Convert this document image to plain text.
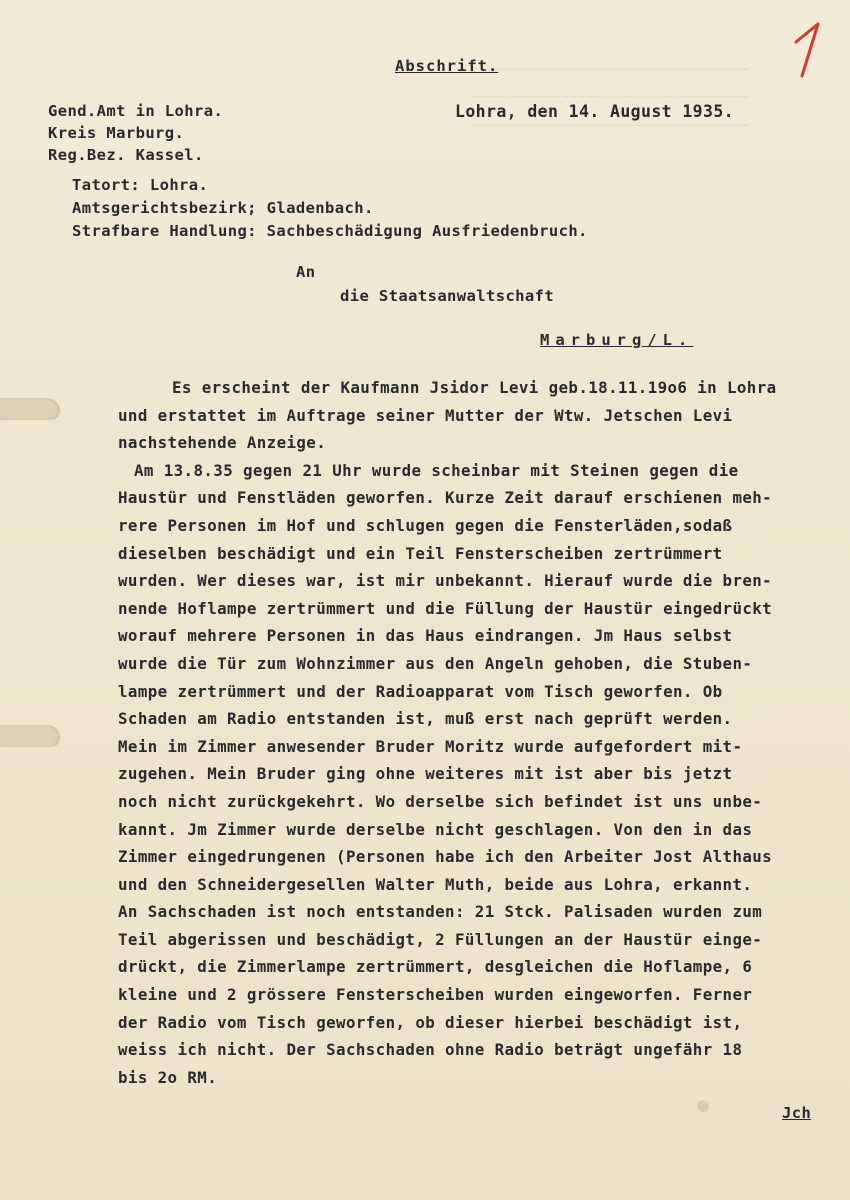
~~~~~~~~~~~~~~~~~~~~~~~~~~~~~~~~~~
~~~~~~~~~~~~~~~~~~~~~~~~~~~~~~~~~~
~~~~~~~~~~~~~~~~~~~~~~~~~~~~~~~~~~
Abschrift.
Gend.Amt in Lohra.
Kreis Marburg.
Reg.Bez. Kassel.
Lohra, den 14. August 1935.
Tatort: Lohra.
Amtsgerichtsbezirk; Gladenbach.
Strafbare Handlung: Sachbeschädigung Ausfriedenbruch.
An
die Staatsanwaltschaft
Marburg/L.
Es erscheint der Kaufmann Jsidor Levi geb.18.11.19o6 in Lohra
und erstattet im Auftrage seiner Mutter der Wtw. Jetschen Levi
nachstehende Anzeige.
Am 13.8.35 gegen 21 Uhr wurde scheinbar mit Steinen gegen die
Haustür und Fenstläden geworfen. Kurze Zeit darauf erschienen meh-
rere Personen im Hof und schlugen gegen die Fensterläden,sodaß
dieselben beschädigt und ein Teil Fensterscheiben zertrümmert
wurden. Wer dieses war, ist mir unbekannt. Hierauf wurde die bren-
nende Hoflampe zertrümmert und die Füllung der Haustür eingedrückt
worauf mehrere Personen in das Haus eindrangen. Jm Haus selbst
wurde die Tür zum Wohnzimmer aus den Angeln gehoben, die Stuben-
lampe zertrümmert und der Radioapparat vom Tisch geworfen. Ob
Schaden am Radio entstanden ist, muß erst nach geprüft werden.
Mein im Zimmer anwesender Bruder Moritz wurde aufgefordert mit-
zugehen. Mein Bruder ging ohne weiteres mit ist aber bis jetzt
noch nicht zurückgekehrt. Wo derselbe sich befindet ist uns unbe-
kannt. Jm Zimmer wurde derselbe nicht geschlagen. Von den in das
Zimmer eingedrungenen (Personen habe ich den Arbeiter Jost Althaus
und den Schneidergesellen Walter Muth, beide aus Lohra, erkannt.
An Sachschaden ist noch entstanden: 21 Stck. Palisaden wurden zum
Teil abgerissen und beschädigt, 2 Füllungen an der Haustür einge-
drückt, die Zimmerlampe zertrümmert, desgleichen die Hoflampe, 6
kleine und 2 grössere Fensterscheiben wurden eingeworfen. Ferner
der Radio vom Tisch geworfen, ob dieser hierbei beschädigt ist,
weiss ich nicht. Der Sachschaden ohne Radio beträgt ungefähr 18
bis 2o RM.
Jch
